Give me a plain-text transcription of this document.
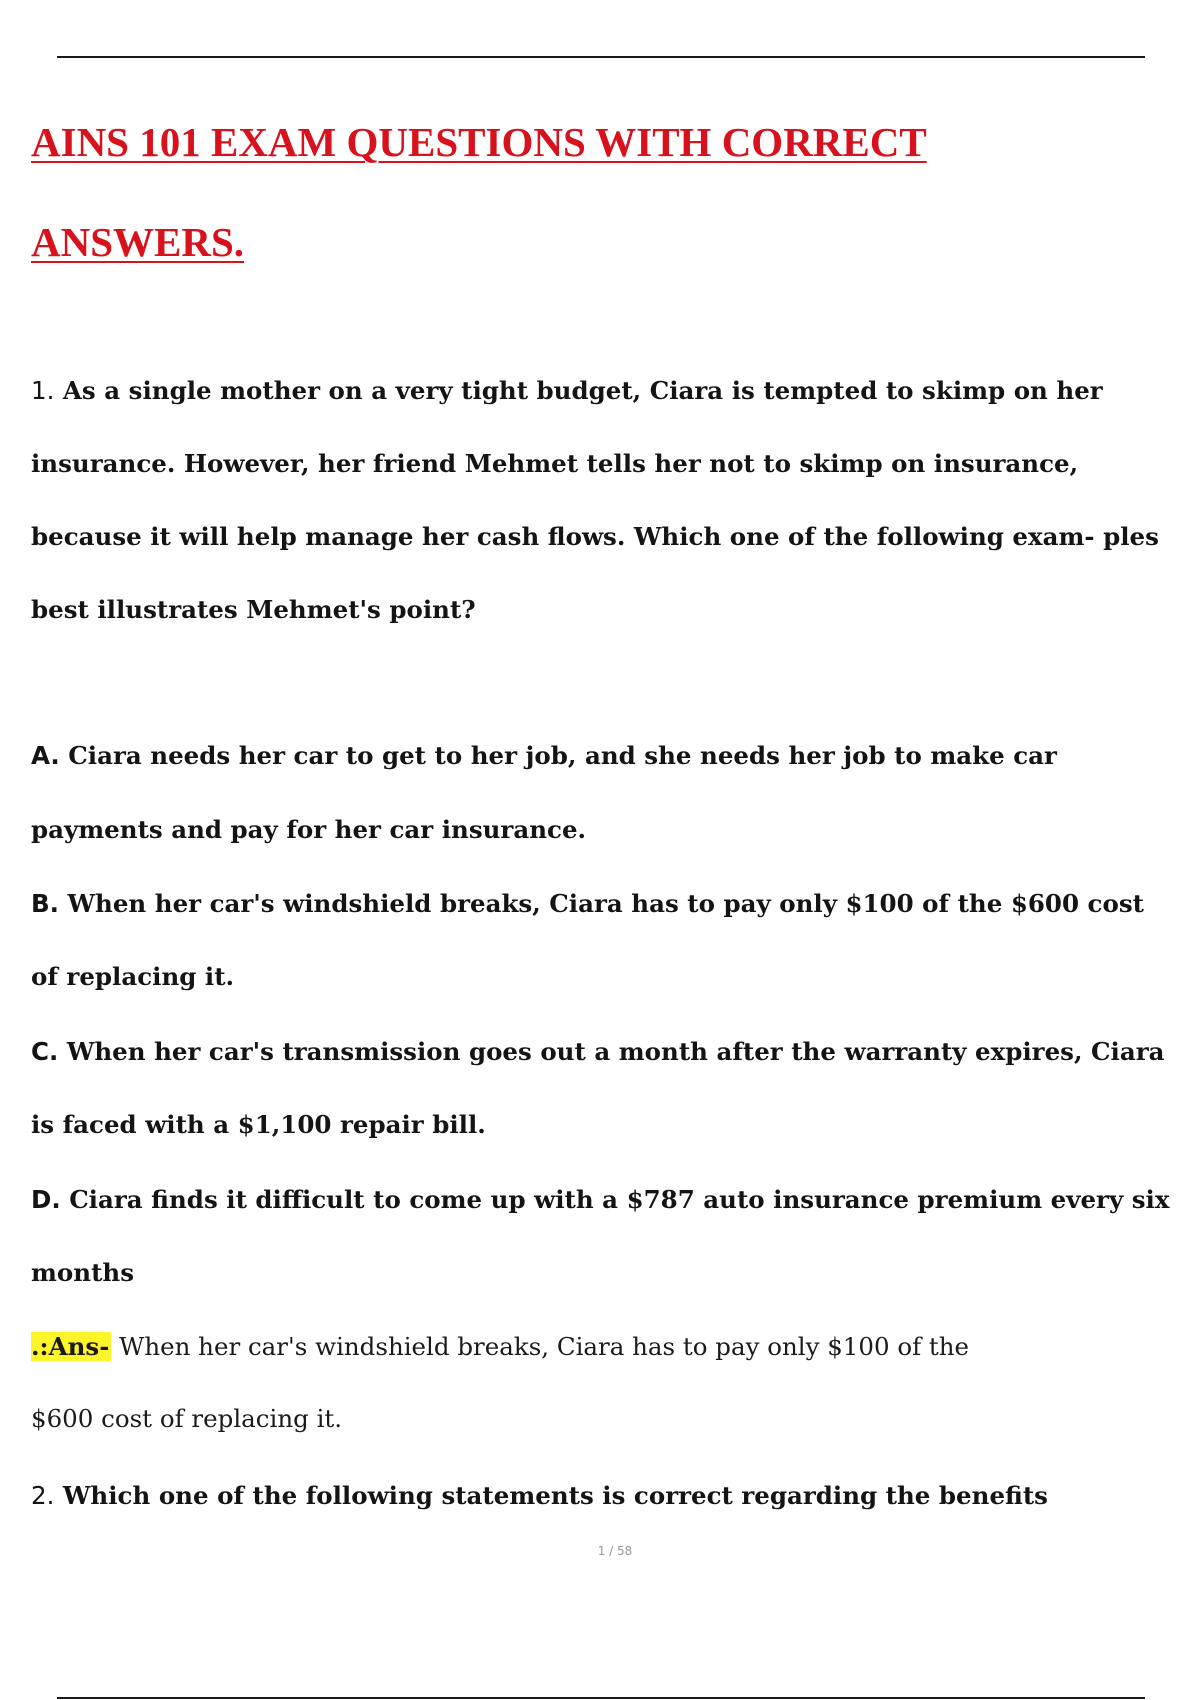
AINS 101 EXAM QUESTIONS WITH CORRECT
ANSWERS.

1. As a single mother on a very tight budget, Ciara is tempted to skimp on her

insurance. However, her friend Mehmet tells her not to skimp on insurance,

because it will help manage her cash flows. Which one of the following exam- ples

best illustrates Mehmet's point?

A. Ciara needs her car to get to her job, and she needs her job to make car

payments and pay for her car insurance.

B. When her car's windshield breaks, Ciara has to pay only $100 of the $600 cost

of replacing it.

C. When her car's transmission goes out a month after the warranty expires, Ciara

is faced with a $1,100 repair bill.

D. Ciara finds it difficult to come up with a $787 auto insurance premium every six

months

.:Ans- When her car's windshield breaks, Ciara has to pay only $100 of the

$600 cost of replacing it.

2. Which one of the following statements is correct regarding the benefits

1 / 58
